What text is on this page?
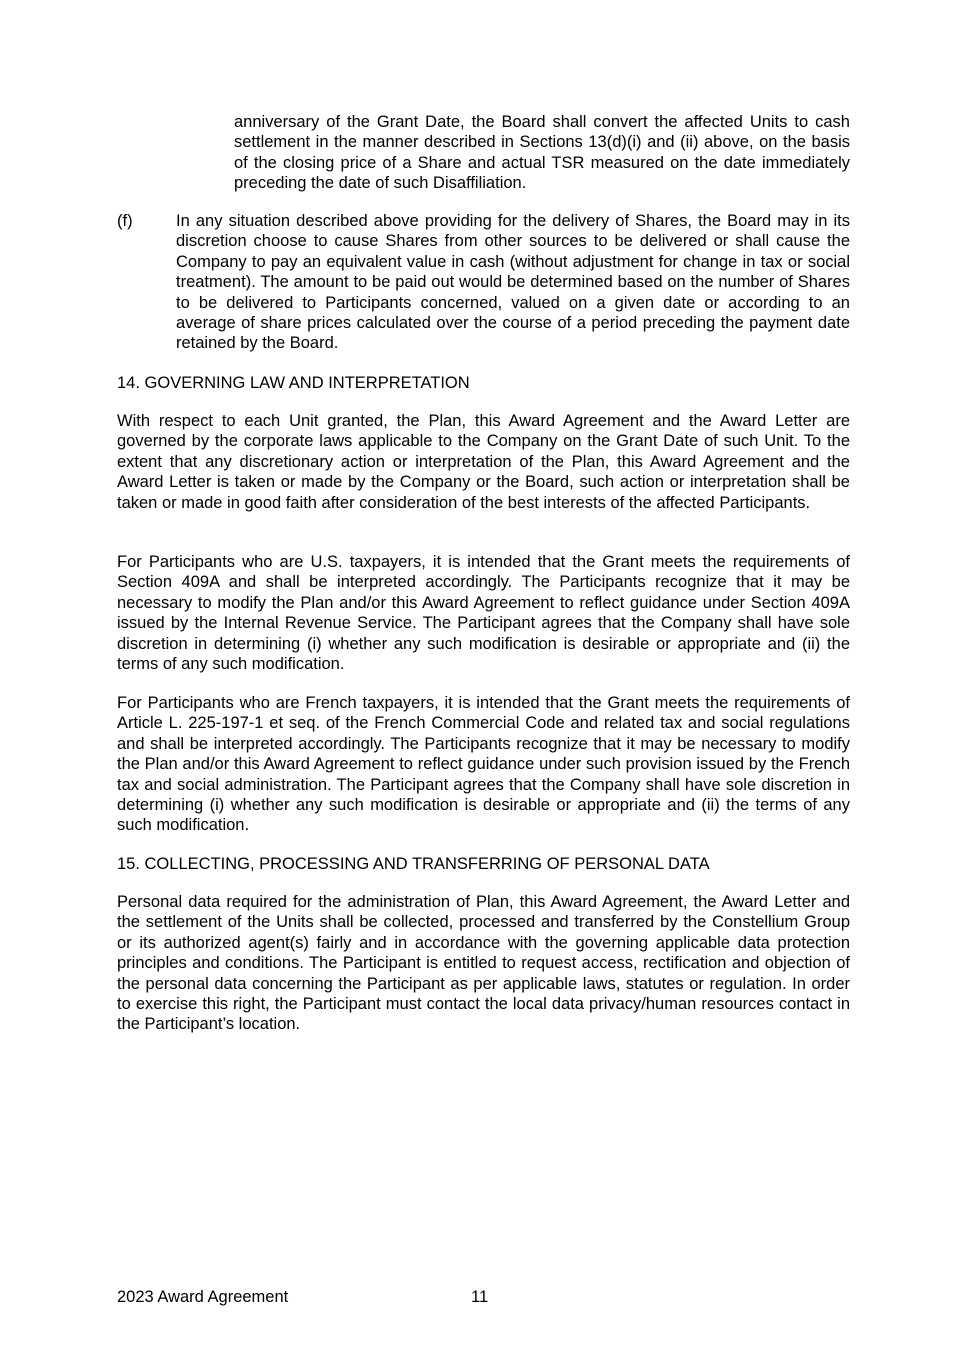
anniversary of the Grant Date, the Board shall convert the affected Units to cash settlement in the manner described in Sections 13(d)(i) and (ii) above, on the basis of the closing price of a Share and actual TSR measured on the date immediately preceding the date of such Disaffiliation.

(f)	In any situation described above providing for the delivery of Shares, the Board may in its discretion choose to cause Shares from other sources to be delivered or shall cause the Company to pay an equivalent value in cash (without adjustment for change in tax or social treatment). The amount to be paid out would be determined based on the number of Shares to be delivered to Participants concerned, valued on a given date or according to an average of share prices calculated over the course of a period preceding the payment date retained by the Board.

14. GOVERNING LAW AND INTERPRETATION

With respect to each Unit granted, the Plan, this Award Agreement and the Award Letter are governed by the corporate laws applicable to the Company on the Grant Date of such Unit. To the extent that any discretionary action or interpretation of the Plan, this Award Agreement and the Award Letter is taken or made by the Company or the Board, such action or interpretation shall be taken or made in good faith after consideration of the best interests of the affected Participants.

For Participants who are U.S. taxpayers, it is intended that the Grant meets the requirements of Section 409A and shall be interpreted accordingly. The Participants recognize that it may be necessary to modify the Plan and/or this Award Agreement to reflect guidance under Section 409A issued by the Internal Revenue Service. The Participant agrees that the Company shall have sole discretion in determining (i) whether any such modification is desirable or appropriate and (ii) the terms of any such modification.

For Participants who are French taxpayers, it is intended that the Grant meets the requirements of Article L. 225-197-1 et seq. of the French Commercial Code and related tax and social regulations and shall be interpreted accordingly. The Participants recognize that it may be necessary to modify the Plan and/or this Award Agreement to reflect guidance under such provision issued by the French tax and social administration. The Participant agrees that the Company shall have sole discretion in determining (i) whether any such modification is desirable or appropriate and (ii) the terms of any such modification.

15. COLLECTING, PROCESSING AND TRANSFERRING OF PERSONAL DATA

Personal data required for the administration of Plan, this Award Agreement, the Award Letter and the settlement of the Units shall be collected, processed and transferred by the Constellium Group or its authorized agent(s) fairly and in accordance with the governing applicable data protection principles and conditions. The Participant is entitled to request access, rectification and objection of the personal data concerning the Participant as per applicable laws, statutes or regulation. In order to exercise this right, the Participant must contact the local data privacy/human resources contact in the Participant’s location.

2023 Award Agreement	11
